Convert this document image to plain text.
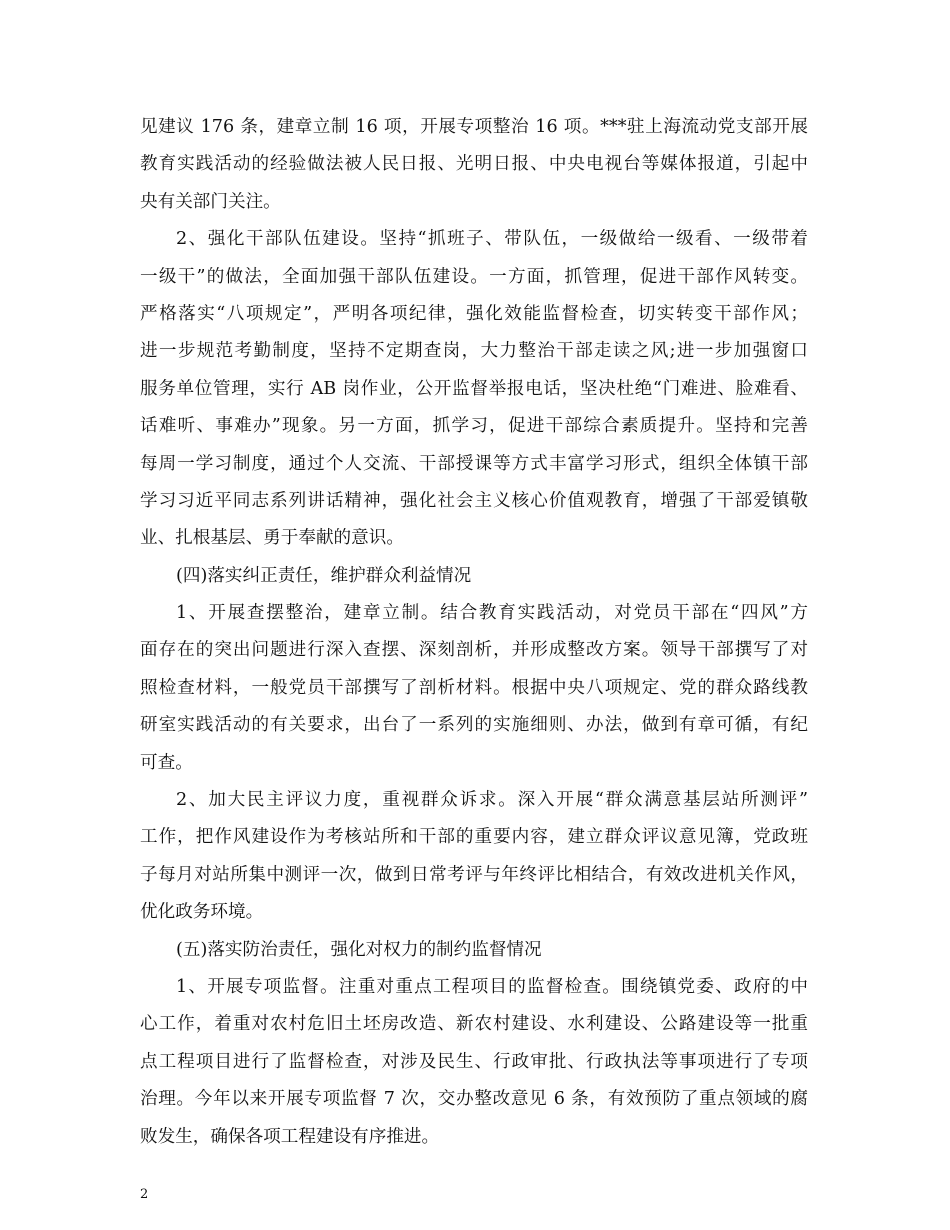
见建议 176 条，建章立制 16 项，开展专项整治 16 项。***驻上海流动党支部开展
教育实践活动的经验做法被人民日报、光明日报、中央电视台等媒体报道，引起中
央有关部门关注。
2、强化干部队伍建设。坚持“抓班子、带队伍，一级做给一级看、一级带着
一级干”的做法，全面加强干部队伍建设。一方面，抓管理，促进干部作风转变。
严格落实“八项规定”，严明各项纪律，强化效能监督检查，切实转变干部作风；
进一步规范考勤制度，坚持不定期查岗，大力整治干部走读之风;进一步加强窗口
服务单位管理，实行 AB 岗作业，公开监督举报电话，坚决杜绝“门难进、脸难看、
话难听、事难办”现象。另一方面，抓学习，促进干部综合素质提升。坚持和完善
每周一学习制度，通过个人交流、干部授课等方式丰富学习形式，组织全体镇干部
学习习近平同志系列讲话精神，强化社会主义核心价值观教育，增强了干部爱镇敬
业、扎根基层、勇于奉献的意识。
(四)落实纠正责任，维护群众利益情况
1、开展查摆整治，建章立制。结合教育实践活动，对党员干部在“四风”方
面存在的突出问题进行深入查摆、深刻剖析，并形成整改方案。领导干部撰写了对
照检查材料，一般党员干部撰写了剖析材料。根据中央八项规定、党的群众路线教
研室实践活动的有关要求，出台了一系列的实施细则、办法，做到有章可循，有纪
可查。
2、加大民主评议力度，重视群众诉求。深入开展“群众满意基层站所测评”
工作，把作风建设作为考核站所和干部的重要内容，建立群众评议意见簿，党政班
子每月对站所集中测评一次，做到日常考评与年终评比相结合，有效改进机关作风，
优化政务环境。
(五)落实防治责任，强化对权力的制约监督情况
1、开展专项监督。注重对重点工程项目的监督检查。围绕镇党委、政府的中
心工作，着重对农村危旧土坯房改造、新农村建设、水利建设、公路建设等一批重
点工程项目进行了监督检查，对涉及民生、行政审批、行政执法等事项进行了专项
治理。今年以来开展专项监督 7 次，交办整改意见 6 条，有效预防了重点领域的腐
败发生，确保各项工程建设有序推进。
2
